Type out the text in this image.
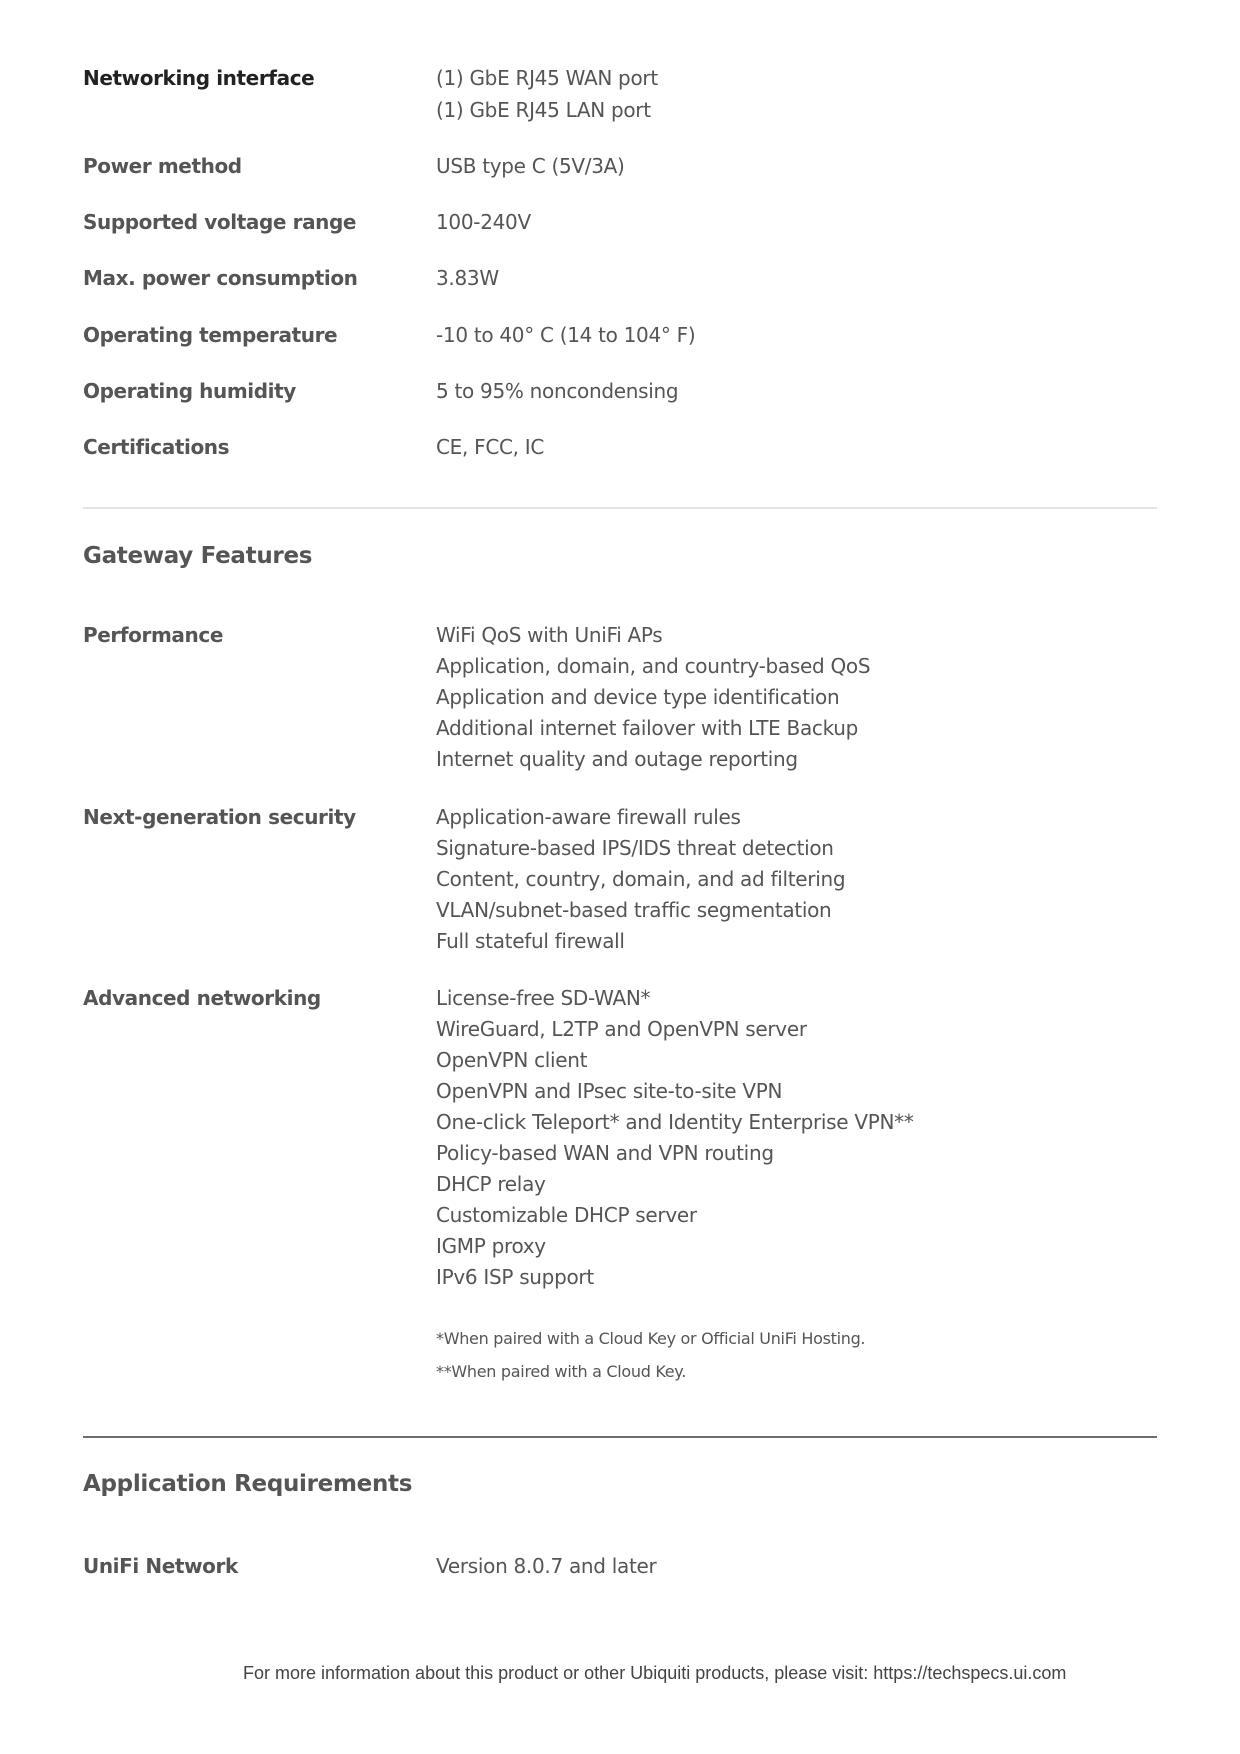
Networking interface	(1) GbE RJ45 WAN port
(1) GbE RJ45 LAN port
Power method	USB type C (5V/3A)
Supported voltage range	100-240V
Max. power consumption	3.83W
Operating temperature	-10 to 40° C (14 to 104° F)
Operating humidity	5 to 95% noncondensing
Certifications	CE, FCC, IC
Gateway Features
Performance	WiFi QoS with UniFi APs
Application, domain, and country-based QoS
Application and device type identification
Additional internet failover with LTE Backup
Internet quality and outage reporting
Next-generation security	Application-aware firewall rules
Signature-based IPS/IDS threat detection
Content, country, domain, and ad filtering
VLAN/subnet-based traffic segmentation
Full stateful firewall
Advanced networking	License-free SD-WAN*
WireGuard, L2TP and OpenVPN server
OpenVPN client
OpenVPN and IPsec site-to-site VPN
One-click Teleport* and Identity Enterprise VPN**
Policy-based WAN and VPN routing
DHCP relay
Customizable DHCP server
IGMP proxy
IPv6 ISP support
*When paired with a Cloud Key or Official UniFi Hosting.
**When paired with a Cloud Key.
Application Requirements
UniFi Network	Version 8.0.7 and later
For more information about this product or other Ubiquiti products, please visit: https://techspecs.ui.com
